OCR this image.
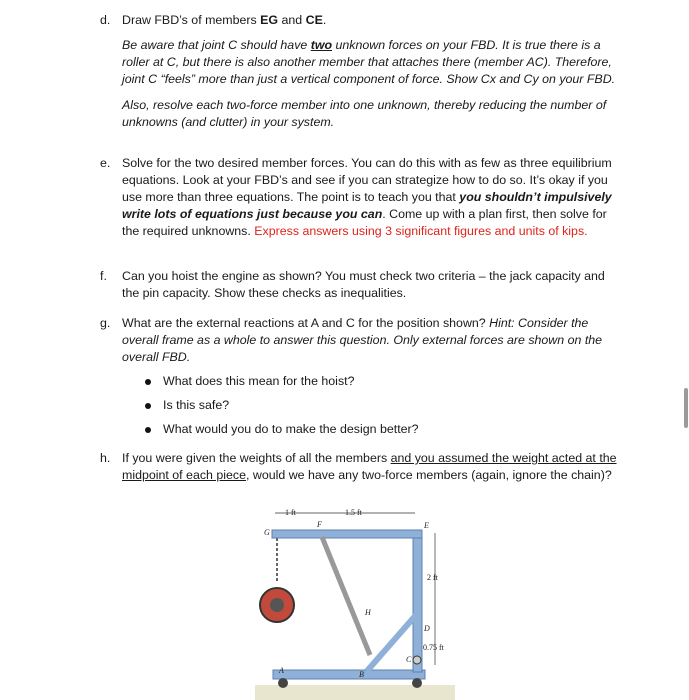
d. Draw FBD’s of members EG and CE.

Be aware that joint C should have two unknown forces on your FBD. It is true there is a roller at C, but there is also another member that attaches there (member AC). Therefore, joint C “feels” more than just a vertical component of force. Show Cx and Cy on your FBD.

Also, resolve each two-force member into one unknown, thereby reducing the number of unknowns (and clutter) in your system.

e. Solve for the two desired member forces. You can do this with as few as three equilibrium equations. Look at your FBD’s and see if you can strategize how to do so. It’s okay if you use more than three equations. The point is to teach you that you shouldn’t impulsively write lots of equations just because you can. Come up with a plan first, then solve for the required unknowns. Express answers using 3 significant figures and units of kips.

f. Can you hoist the engine as shown? You must check two criteria – the jack capacity and the pin capacity. Show these checks as inequalities.

g. What are the external reactions at A and C for the position shown? Hint: Consider the overall frame as a whole to answer this question. Only external forces are shown on the overall FBD.

What does this mean for the hoist?
Is this safe?
What would you do to make the design better?
h. If you were given the weights of all the members and you assumed the weight acted at the midpoint of each piece, would we have any two-force members (again, ignore the chain)?

1 ft	1.5 ft
2 ft
0.75 ft
G
F	E
H
D
C
B
A
